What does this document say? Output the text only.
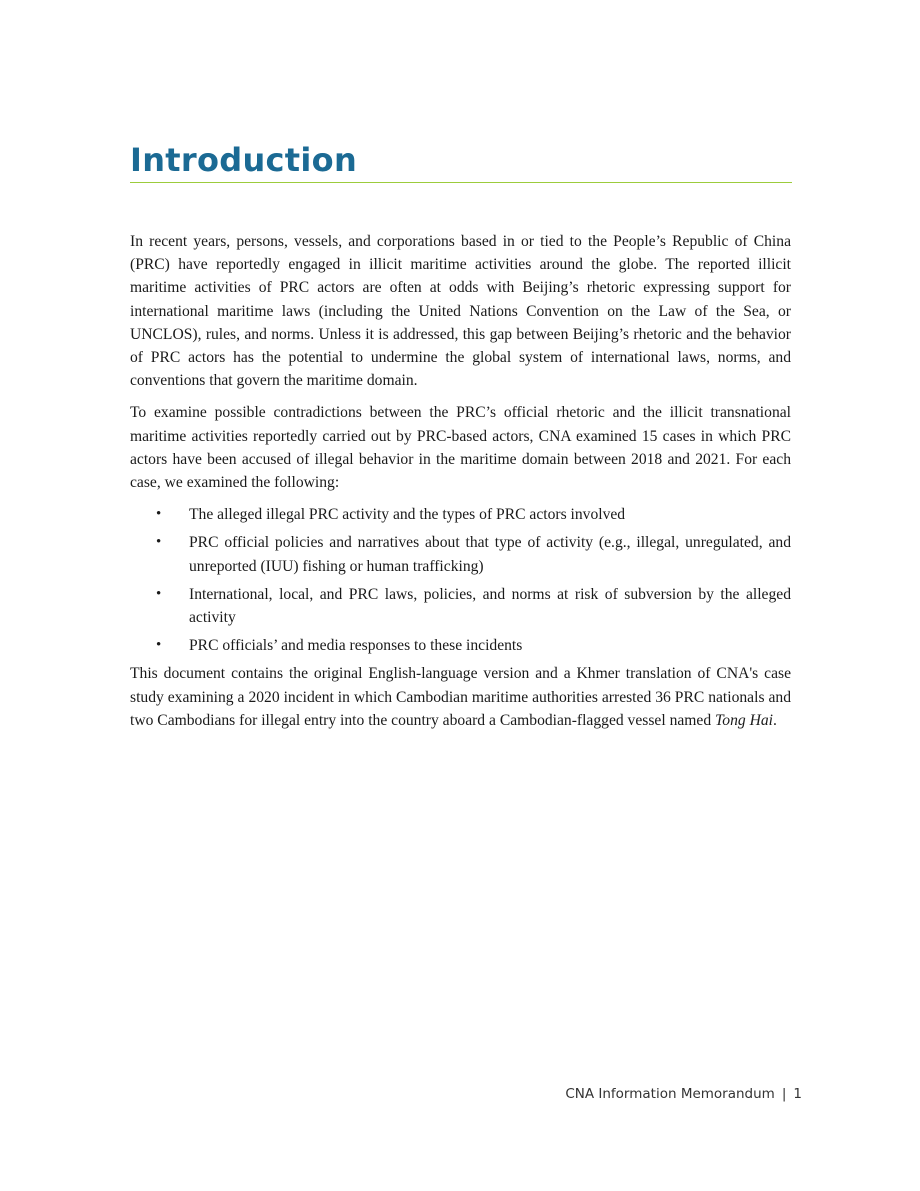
Introduction

In recent years, persons, vessels, and corporations based in or tied to the People’s Republic of China (PRC) have reportedly engaged in illicit maritime activities around the globe. The reported illicit maritime activities of PRC actors are often at odds with Beijing’s rhetoric expressing support for international maritime laws (including the United Nations Convention on the Law of the Sea, or UNCLOS), rules, and norms. Unless it is addressed, this gap between Beijing’s rhetoric and the behavior of PRC actors has the potential to undermine the global system of international laws, norms, and conventions that govern the maritime domain.

To examine possible contradictions between the PRC’s official rhetoric and the illicit transnational maritime activities reportedly carried out by PRC-based actors, CNA examined 15 cases in which PRC actors have been accused of illegal behavior in the maritime domain between 2018 and 2021. For each case, we examined the following:

• The alleged illegal PRC activity and the types of PRC actors involved
• PRC official policies and narratives about that type of activity (e.g., illegal, unregulated, and unreported (IUU) fishing or human trafficking)
• International, local, and PRC laws, policies, and norms at risk of subversion by the alleged activity
• PRC officials’ and media responses to these incidents

This document contains the original English-language version and a Khmer translation of CNA's case study examining a 2020 incident in which Cambodian maritime authorities arrested 36 PRC nationals and two Cambodians for illegal entry into the country aboard a Cambodian-flagged vessel named Tong Hai.

CNA Information Memorandum | 1
